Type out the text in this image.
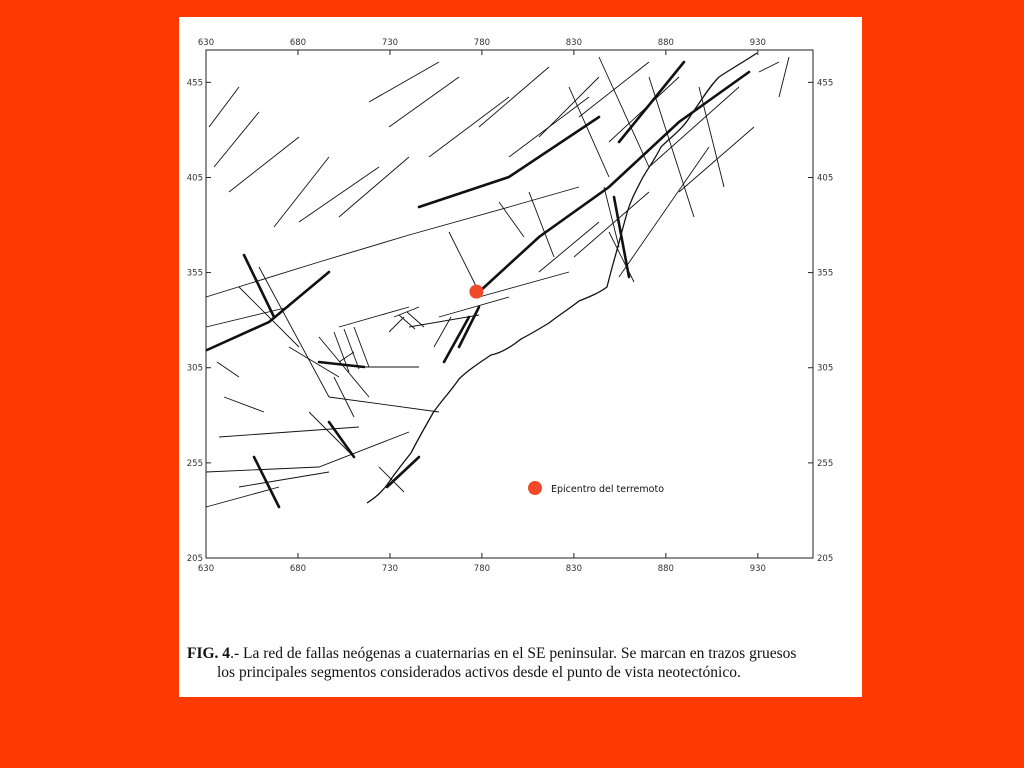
630	680	730	780	830	880	930
630	680	730	780	830	880	930
455
405
355
305
255
205
455
405
355
305
255
205
Epicentro del terremoto
FIG. 4.- La red de fallas neógenas a cuaternarias en el SE peninsular. Se marcan en trazos gruesos
los principales segmentos considerados activos desde el punto de vista neotectónico.
